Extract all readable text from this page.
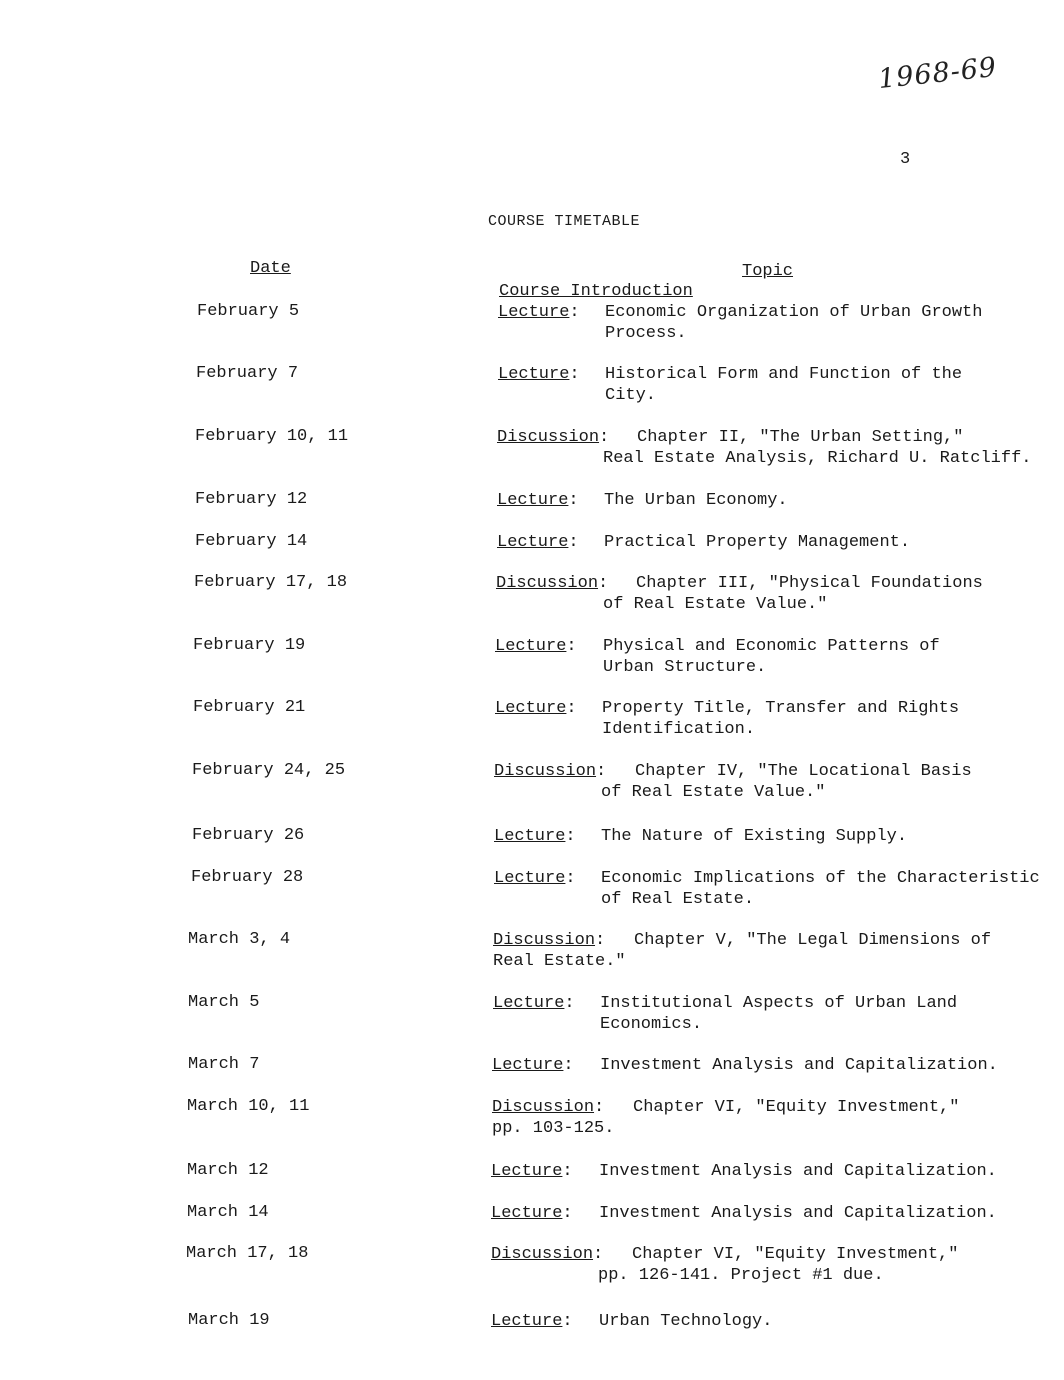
1968-69
3
COURSE TIMETABLE
Date	Topic
Course Introduction
February 5	Lecture: Economic Organization of Urban Growth
Process.
February 7	Lecture: Historical Form and Function of the
City.
February 10, 11	Discussion: Chapter II, "The Urban Setting,"
Real Estate Analysis, Richard U. Ratcliff.
February 12	Lecture: The Urban Economy.
February 14	Lecture: Practical Property Management.
February 17, 18	Discussion: Chapter III, "Physical Foundations
of Real Estate Value."
February 19	Lecture: Physical and Economic Patterns of
Urban Structure.
February 21	Lecture: Property Title, Transfer and Rights
Identification.
February 24, 25	Discussion: Chapter IV, "The Locational Basis
of Real Estate Value."
February 26	Lecture: The Nature of Existing Supply.
February 28	Lecture: Economic Implications of the Characteristic
of Real Estate.
March 3, 4	Discussion: Chapter V, "The Legal Dimensions of
Real Estate."
March 5	Lecture: Institutional Aspects of Urban Land
Economics.
March 7	Lecture: Investment Analysis and Capitalization.
March 10, 11	Discussion: Chapter VI, "Equity Investment,"
pp. 103-125.
March 12	Lecture: Investment Analysis and Capitalization.
March 14	Lecture: Investment Analysis and Capitalization.
March 17, 18	Discussion: Chapter VI, "Equity Investment,"
pp. 126-141. Project #1 due.
March 19	Lecture: Urban Technology.
